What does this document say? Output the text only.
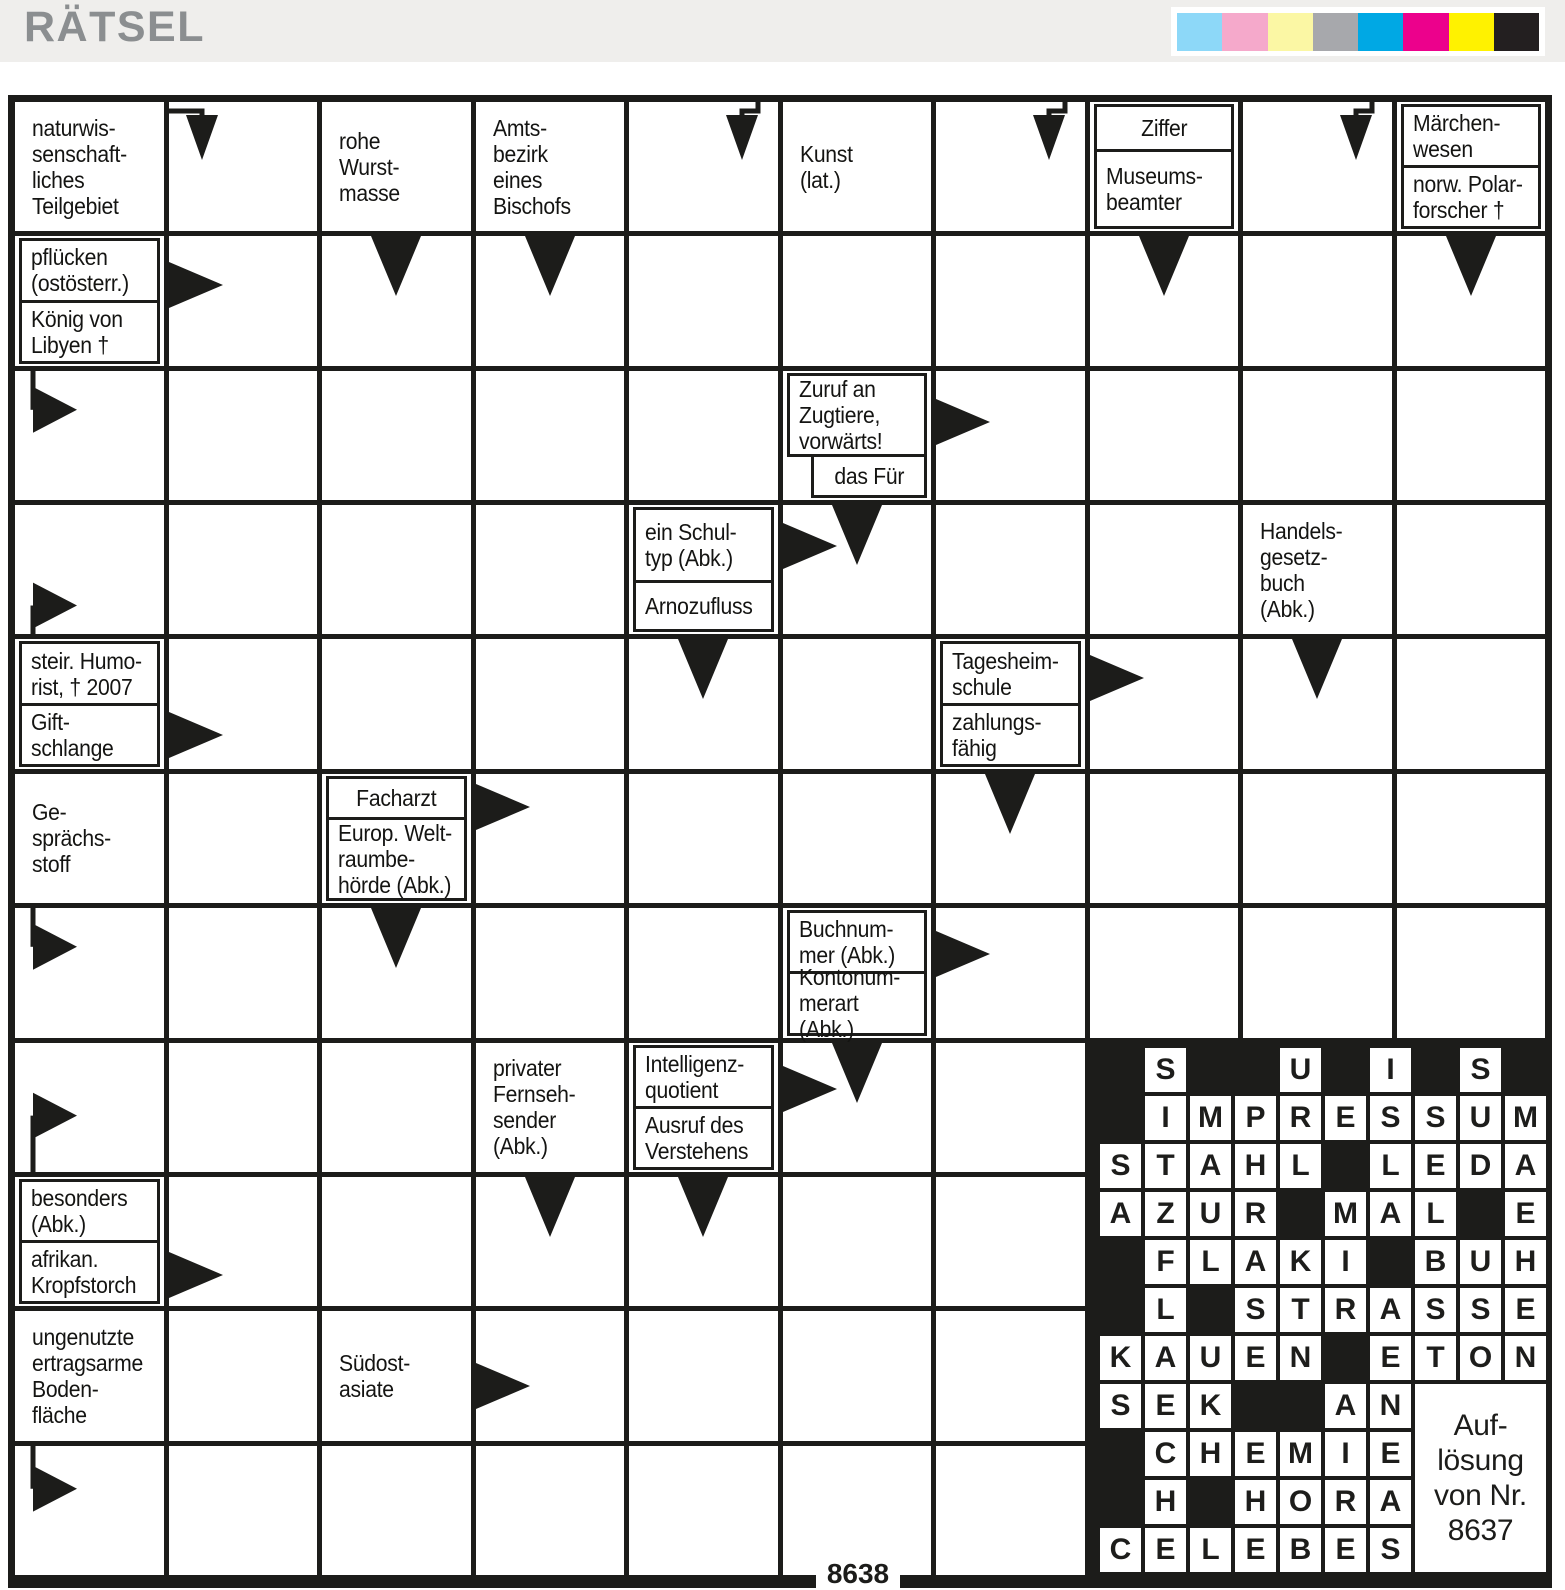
RÄTSEL
naturwis-
senschaft-
liches
Teilgebiet
rohe
Wurst-
masse
Amts-
bezirk
eines
Bischofs
Kunst
(lat.)
Ziffer
Museums-
beamter
Märchen-
wesen
norw. Polar-
forscher †
pflücken
(ostösterr.)
König von
Libyen †
Zuruf an
Zugtiere,
vorwärts!
das Für
ein Schul-
typ (Abk.)
Arnozufluss
Handels-
gesetz-
buch
(Abk.)
steir. Humo-
rist, † 2007
Gift-
schlange
Tagesheim-
schule
zahlungs-
fähig
Ge-
sprächs-
stoff
Facharzt
Europ. Welt-
raumbe-
hörde (Abk.)
Buchnum-
mer (Abk.)
Kontonum-
merart (Abk.)
privater
Fernseh-
sender
(Abk.)
Intelligenz-
quotient
Ausruf des
Verstehens
besonders
(Abk.)
afrikan.
Kropfstorch
ungenutzte
ertragsarme
Boden-
fläche
Südost-
asiate
S	U	I	S
I M P R E S S U M
S T A H L	L E D A
A Z U R	M A L	E
F L A K	I	B U H
L	S T R A S S E
K A U E N	E T O N
S E K	A N
C H E M I	E
H	H O R A
C E L E B E S
Auf-
lösung
von Nr.
8637
8638
